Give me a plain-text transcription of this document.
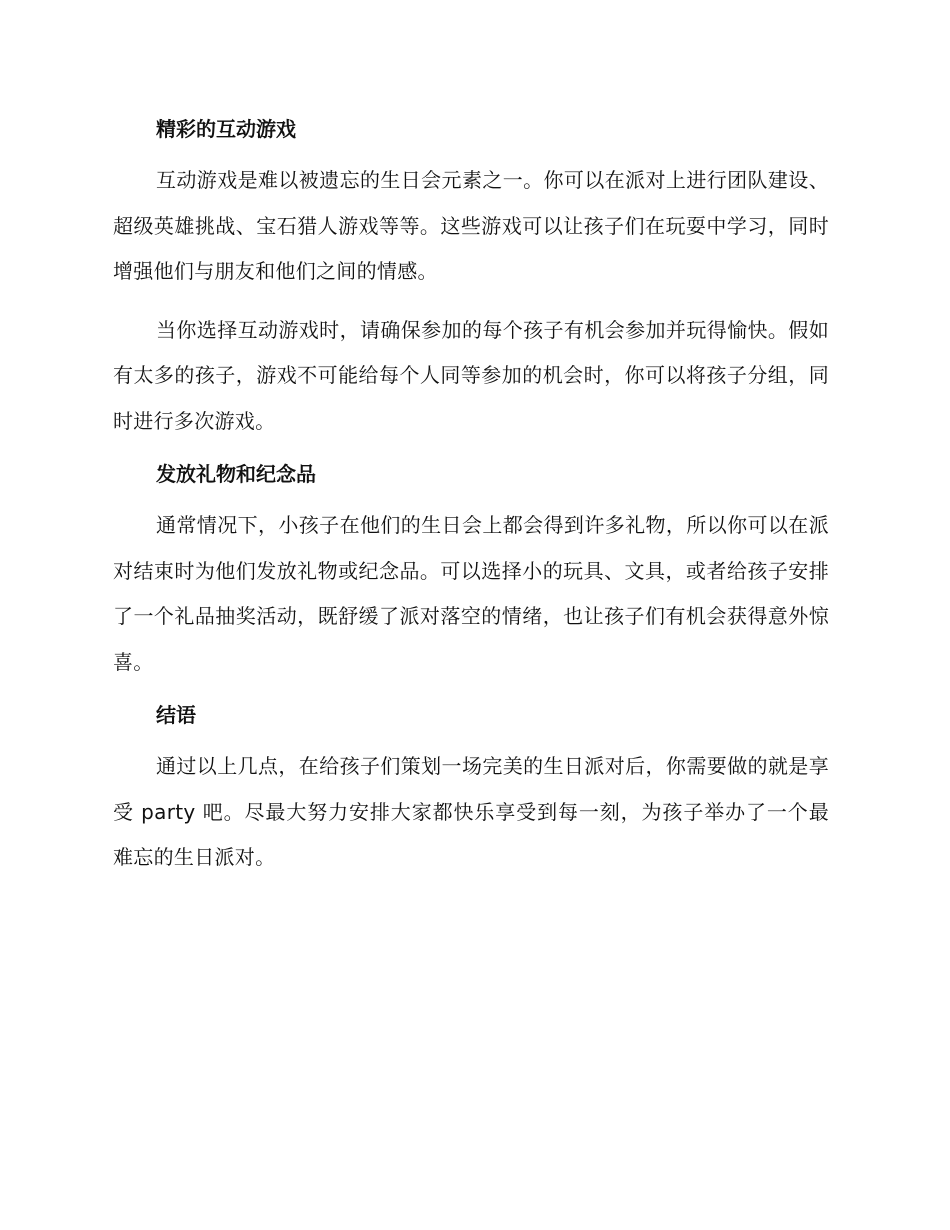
精彩的互动游戏

互动游戏是难以被遗忘的生日会元素之一。你可以在派对上进行团队建设、超级英雄挑战、宝石猎人游戏等等。这些游戏可以让孩子们在玩耍中学习，同时增强他们与朋友和他们之间的情感。

当你选择互动游戏时，请确保参加的每个孩子有机会参加并玩得愉快。假如有太多的孩子，游戏不可能给每个人同等参加的机会时，你可以将孩子分组，同时进行多次游戏。

发放礼物和纪念品

通常情况下，小孩子在他们的生日会上都会得到许多礼物，所以你可以在派对结束时为他们发放礼物或纪念品。可以选择小的玩具、文具，或者给孩子安排了一个礼品抽奖活动，既舒缓了派对落空的情绪，也让孩子们有机会获得意外惊喜。

结语

通过以上几点，在给孩子们策划一场完美的生日派对后，你需要做的就是享受 party 吧。尽最大努力安排大家都快乐享受到每一刻，为孩子举办了一个最难忘的生日派对。
